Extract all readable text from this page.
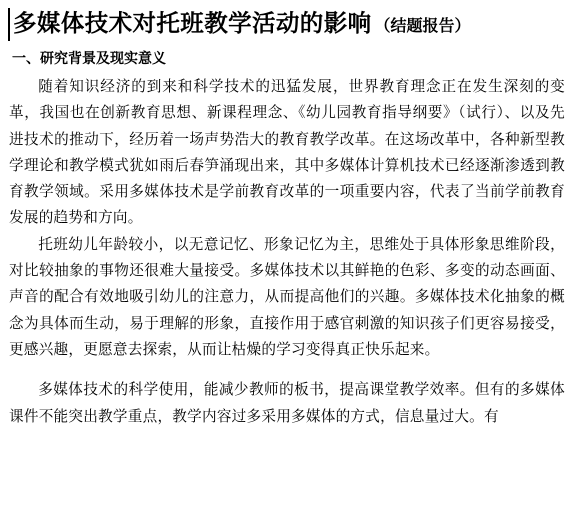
多媒体技术对托班教学活动的影响 （结题报告）
一、研究背景及现实意义

随着知识经济的到来和科学技术的迅猛发展，世界教育理念正在发生深刻的变革，我国也在创新教育思想、新课程理念、《幼儿园教育指导纲要》（试行）、以及先进技术的推动下，经历着一场声势浩大的教育教学改革。在这场改革中，各种新型教学理论和教学模式犹如雨后春笋涌现出来，其中多媒体计算机技术已经逐渐渗透到教育教学领域。采用多媒体技术是学前教育改革的一项重要内容，代表了当前学前教育发展的趋势和方向。

托班幼儿年龄较小，以无意记忆、形象记忆为主，思维处于具体形象思维阶段，对比较抽象的事物还很难大量接受。多媒体技术以其鲜艳的色彩、多变的动态画面、声音的配合有效地吸引幼儿的注意力，从而提高他们的兴趣。多媒体技术化抽象的概念为具体而生动，易于理解的形象，直接作用于感官刺激的知识孩子们更容易接受，更感兴趣，更愿意去探索，从而让枯燥的学习变得真正快乐起来。

多媒体技术的科学使用，能减少教师的板书，提高课堂教学效率。但有的多媒体课件不能突出教学重点，教学内容过多采用多媒体的方式，信息量过大。有
